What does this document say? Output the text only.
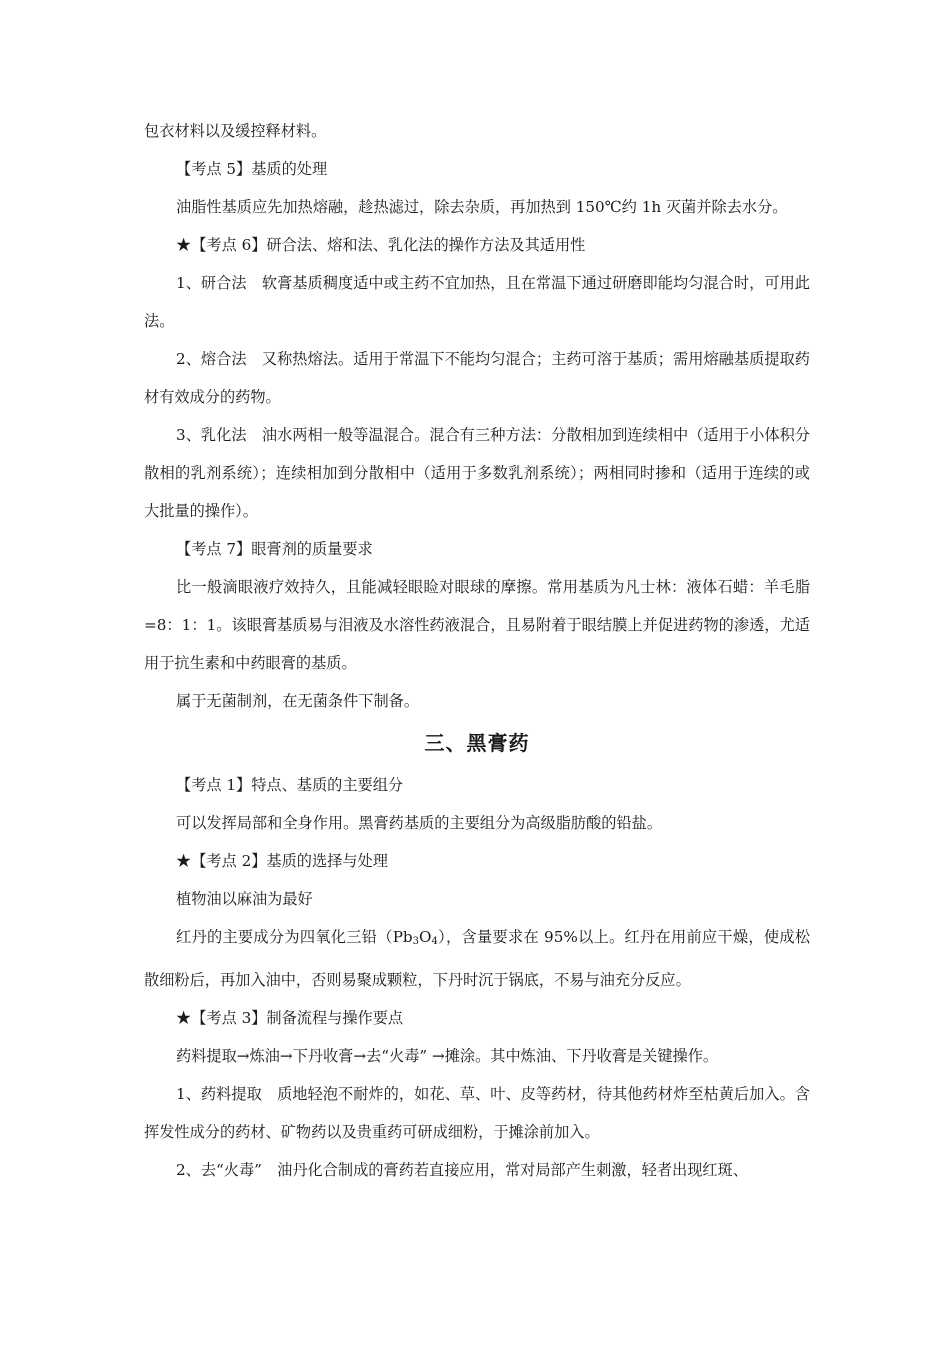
包衣材料以及缓控释材料。

【考点 5】基质的处理

油脂性基质应先加热熔融，趁热滤过，除去杂质，再加热到 150℃约 1h 灭菌并除去水分。

★【考点 6】研合法、熔和法、乳化法的操作方法及其适用性

1、研合法　软膏基质稠度适中或主药不宜加热，且在常温下通过研磨即能均匀混合时，可用此法。

2、熔合法　又称热熔法。适用于常温下不能均匀混合；主药可溶于基质；需用熔融基质提取药材有效成分的药物。

3、乳化法　油水两相一般等温混合。混合有三种方法：分散相加到连续相中（适用于小体积分散相的乳剂系统）；连续相加到分散相中（适用于多数乳剂系统）；两相同时掺和（适用于连续的或大批量的操作）。

【考点 7】眼膏剂的质量要求

比一般滴眼液疗效持久，且能减轻眼睑对眼球的摩擦。常用基质为凡士林：液体石蜡：羊毛脂=8：1：1。该眼膏基质易与泪液及水溶性药液混合，且易附着于眼结膜上并促进药物的渗透，尤适用于抗生素和中药眼膏的基质。

属于无菌制剂，在无菌条件下制备。

三、黑膏药

【考点 1】特点、基质的主要组分

可以发挥局部和全身作用。黑膏药基质的主要组分为高级脂肪酸的铅盐。

★【考点 2】基质的选择与处理

植物油以麻油为最好

红丹的主要成分为四氧化三铅$(Pb_3O_4)$，含量要求在 95%以上。红丹在用前应干燥，使成松散细粉后，再加入油中，否则易聚成颗粒，下丹时沉于锅底，不易与油充分反应。

★【考点 3】制备流程与操作要点

药料提取→炼油→下丹收膏→去“火毒” →摊涂。其中炼油、下丹收膏是关键操作。

1、药料提取　质地轻泡不耐炸的，如花、草、叶、皮等药材，待其他药材炸至枯黄后加入。含挥发性成分的药材、矿物药以及贵重药可研成细粉，于摊涂前加入。

2、去“火毒”　油丹化合制成的膏药若直接应用，常对局部产生刺激，轻者出现红斑、
